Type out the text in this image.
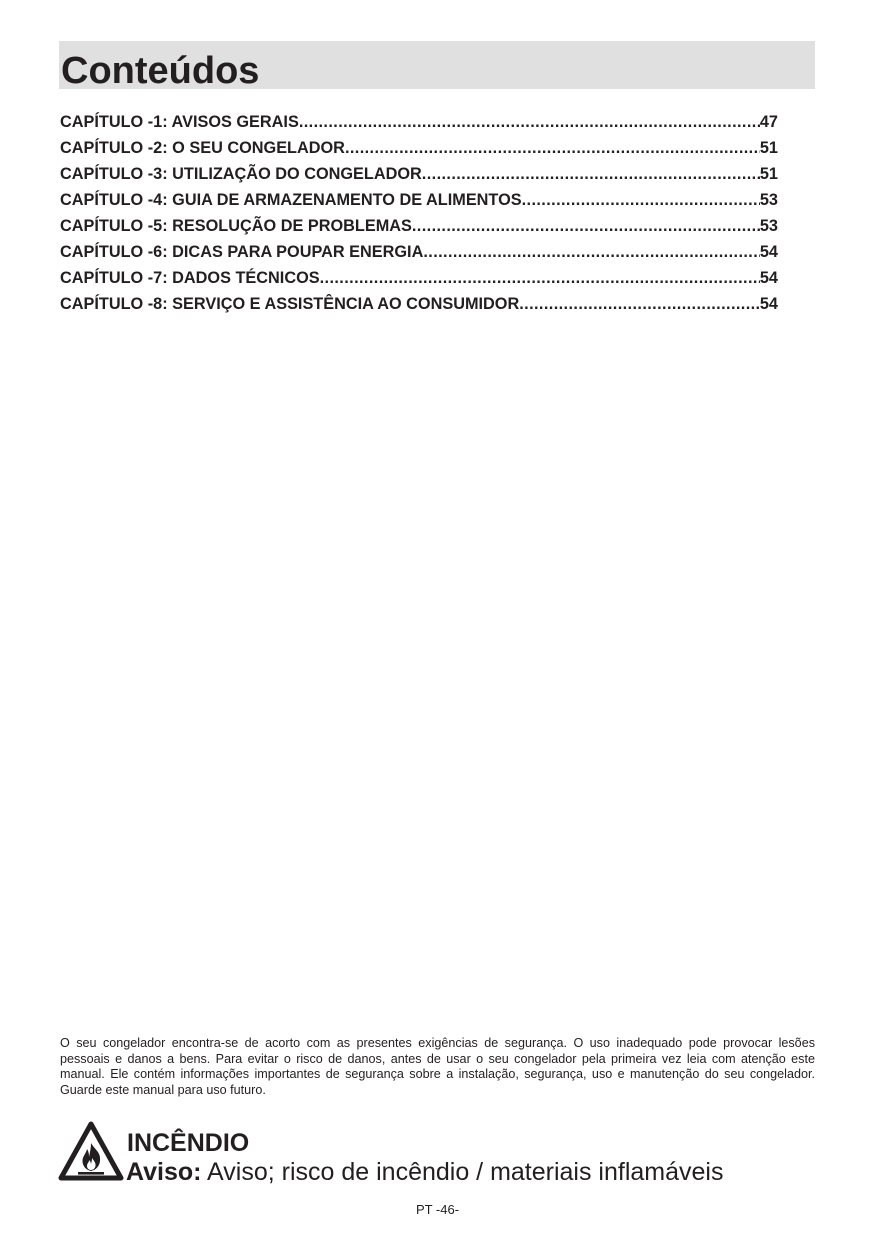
Conteúdos
CAPÍTULO -1: AVISOS GERAIS .....	47
CAPÍTULO -2: O SEU CONGELADOR .....	51
CAPÍTULO -3: UTILIZAÇÃO DO CONGELADOR .....	51
CAPÍTULO -4: GUIA DE ARMAZENAMENTO DE ALIMENTOS .....	53
CAPÍTULO -5: RESOLUÇÃO DE PROBLEMAS .....	53
CAPÍTULO -6: DICAS PARA POUPAR ENERGIA .....	54
CAPÍTULO -7: DADOS TÉCNICOS .....	54
CAPÍTULO -8: SERVIÇO E ASSISTÊNCIA AO CONSUMIDOR .....	54

O seu congelador encontra-se de acorto com as presentes exigências de segurança. O uso inadequado pode provocar lesões pessoais e danos a bens. Para evitar o risco de danos, antes de usar o seu congelador pela primeira vez leia com atenção este manual. Ele contém informações importantes de segurança sobre a instalação, segurança, uso e manutenção do seu congelador. Guarde este manual para uso futuro.

INCÊNDIO

Aviso: Aviso; risco de incêndio / materiais inflamáveis

PT -46-
